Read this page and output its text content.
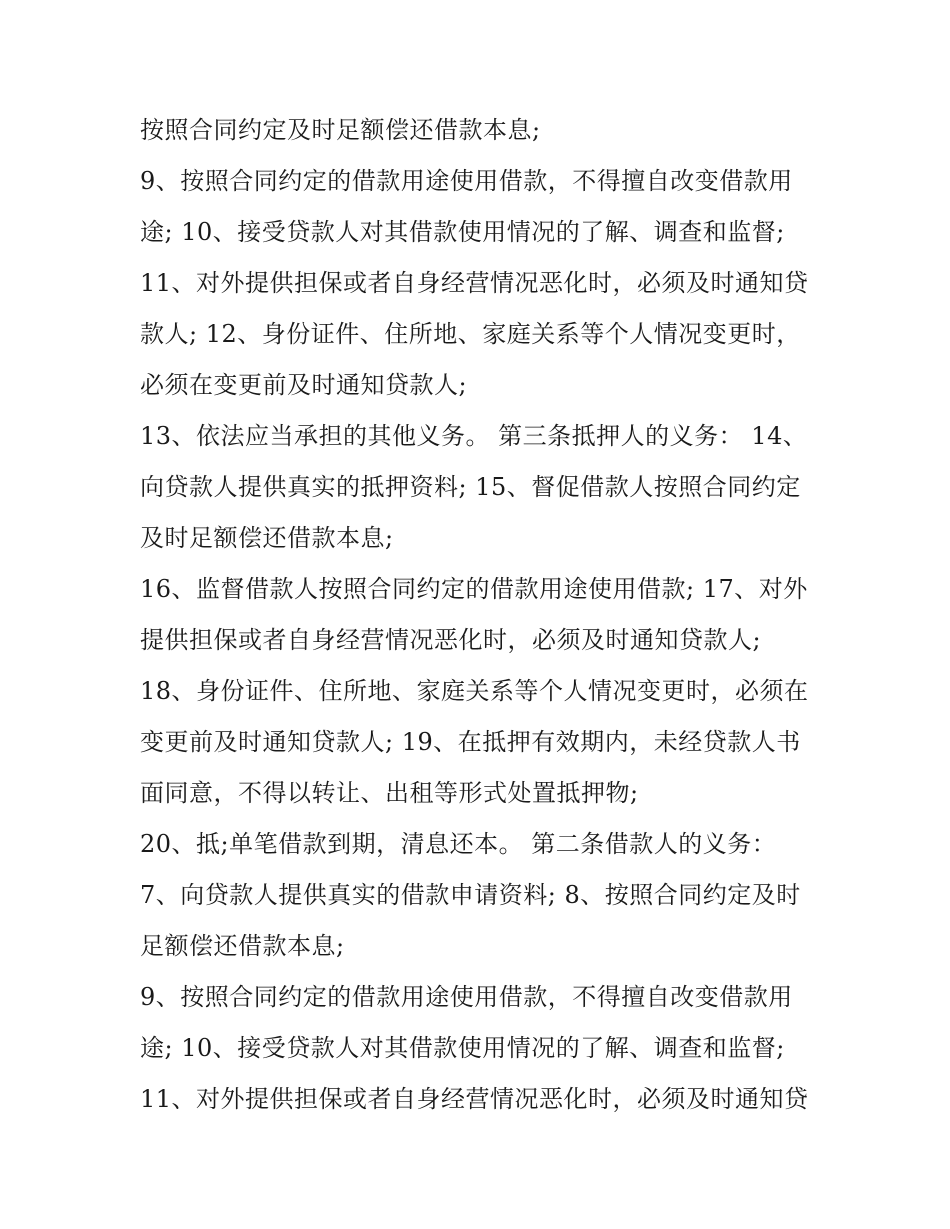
按照合同约定及时足额偿还借款本息;
9、按照合同约定的借款用途使用借款，不得擅自改变借款用
途; 10、接受贷款人对其借款使用情况的了解、调查和监督;
11、对外提供担保或者自身经营情况恶化时，必须及时通知贷
款人; 12、身份证件、住所地、家庭关系等个人情况变更时，
必须在变更前及时通知贷款人;
13、依法应当承担的其他义务。 第三条抵押人的义务： 14、
向贷款人提供真实的抵押资料; 15、督促借款人按照合同约定
及时足额偿还借款本息;
16、监督借款人按照合同约定的借款用途使用借款; 17、对外
提供担保或者自身经营情况恶化时，必须及时通知贷款人;
18、身份证件、住所地、家庭关系等个人情况变更时，必须在
变更前及时通知贷款人; 19、在抵押有效期内，未经贷款人书
面同意，不得以转让、出租等形式处置抵押物;
20、抵;单笔借款到期，清息还本。 第二条借款人的义务：
7、向贷款人提供真实的借款申请资料; 8、按照合同约定及时
足额偿还借款本息;
9、按照合同约定的借款用途使用借款，不得擅自改变借款用
途; 10、接受贷款人对其借款使用情况的了解、调查和监督;
11、对外提供担保或者自身经营情况恶化时，必须及时通知贷
